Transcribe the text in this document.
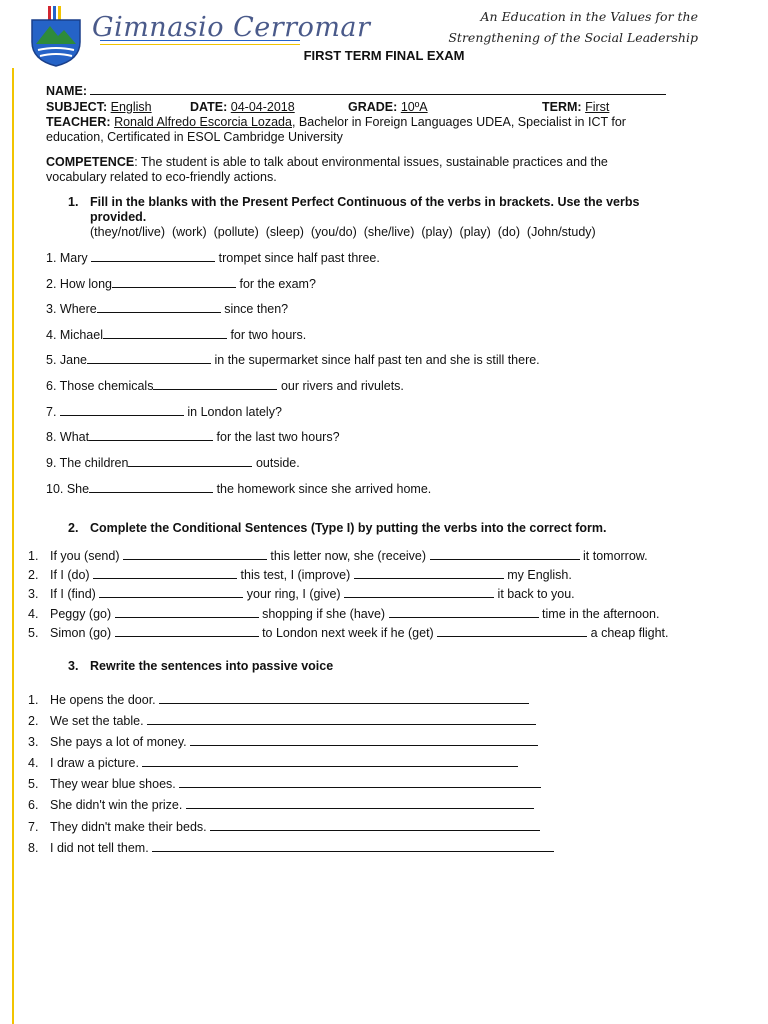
Gimnasio Cerromar	An Education in the Values for the
Strengthening of the Social Leadership
FIRST TERM FINAL EXAM
NAME:
SUBJECT: English	DATE: 04-04-2018	GRADE: 10ºA	TERM: First
TEACHER: Ronald Alfredo Escorcia Lozada, Bachelor in Foreign Languages UDEA, Specialist in ICT for
education, Certificated in ESOL Cambridge University
COMPETENCE: The student is able to talk about environmental issues, sustainable practices and the
vocabulary related to eco-friendly actions.
1. Fill in the blanks with the Present Perfect Continuous of the verbs in brackets. Use the verbs
provided.
(they/not/live)  (work)  (pollute)  (sleep)  (you/do)  (she/live)  (play)  (play)  (do)  (John/study)
1. Mary	trompet since half past three.
2. How long	for the exam?
3. Where	since then?
4. Michael	for two hours.
5. Jane	in the supermarket since half past ten and she is still there.
6. Those chemicals	our rivers and rivulets.
7.	in London lately?
8. What	for the last two hours?
9. The children	outside.
10. She	the homework since she arrived home.
2. Complete the Conditional Sentences (Type I) by putting the verbs into the correct form.
1. If you (send)	this letter now, she (receive)	it tomorrow.
2. If I (do)	this test, I (improve)	my English.
3. If I (find)	your ring, I (give)	it back to you.
4. Peggy (go)	shopping if she (have)	time in the afternoon.
5. Simon (go)	to London next week if he (get)	a cheap flight.
3. Rewrite the sentences into passive voice
1. He opens the door.
2. We set the table.
3. She pays a lot of money.
4. I draw a picture.
5. They wear blue shoes.
6. She didn't win the prize.
7. They didn't make their beds.
8. I did not tell them.
